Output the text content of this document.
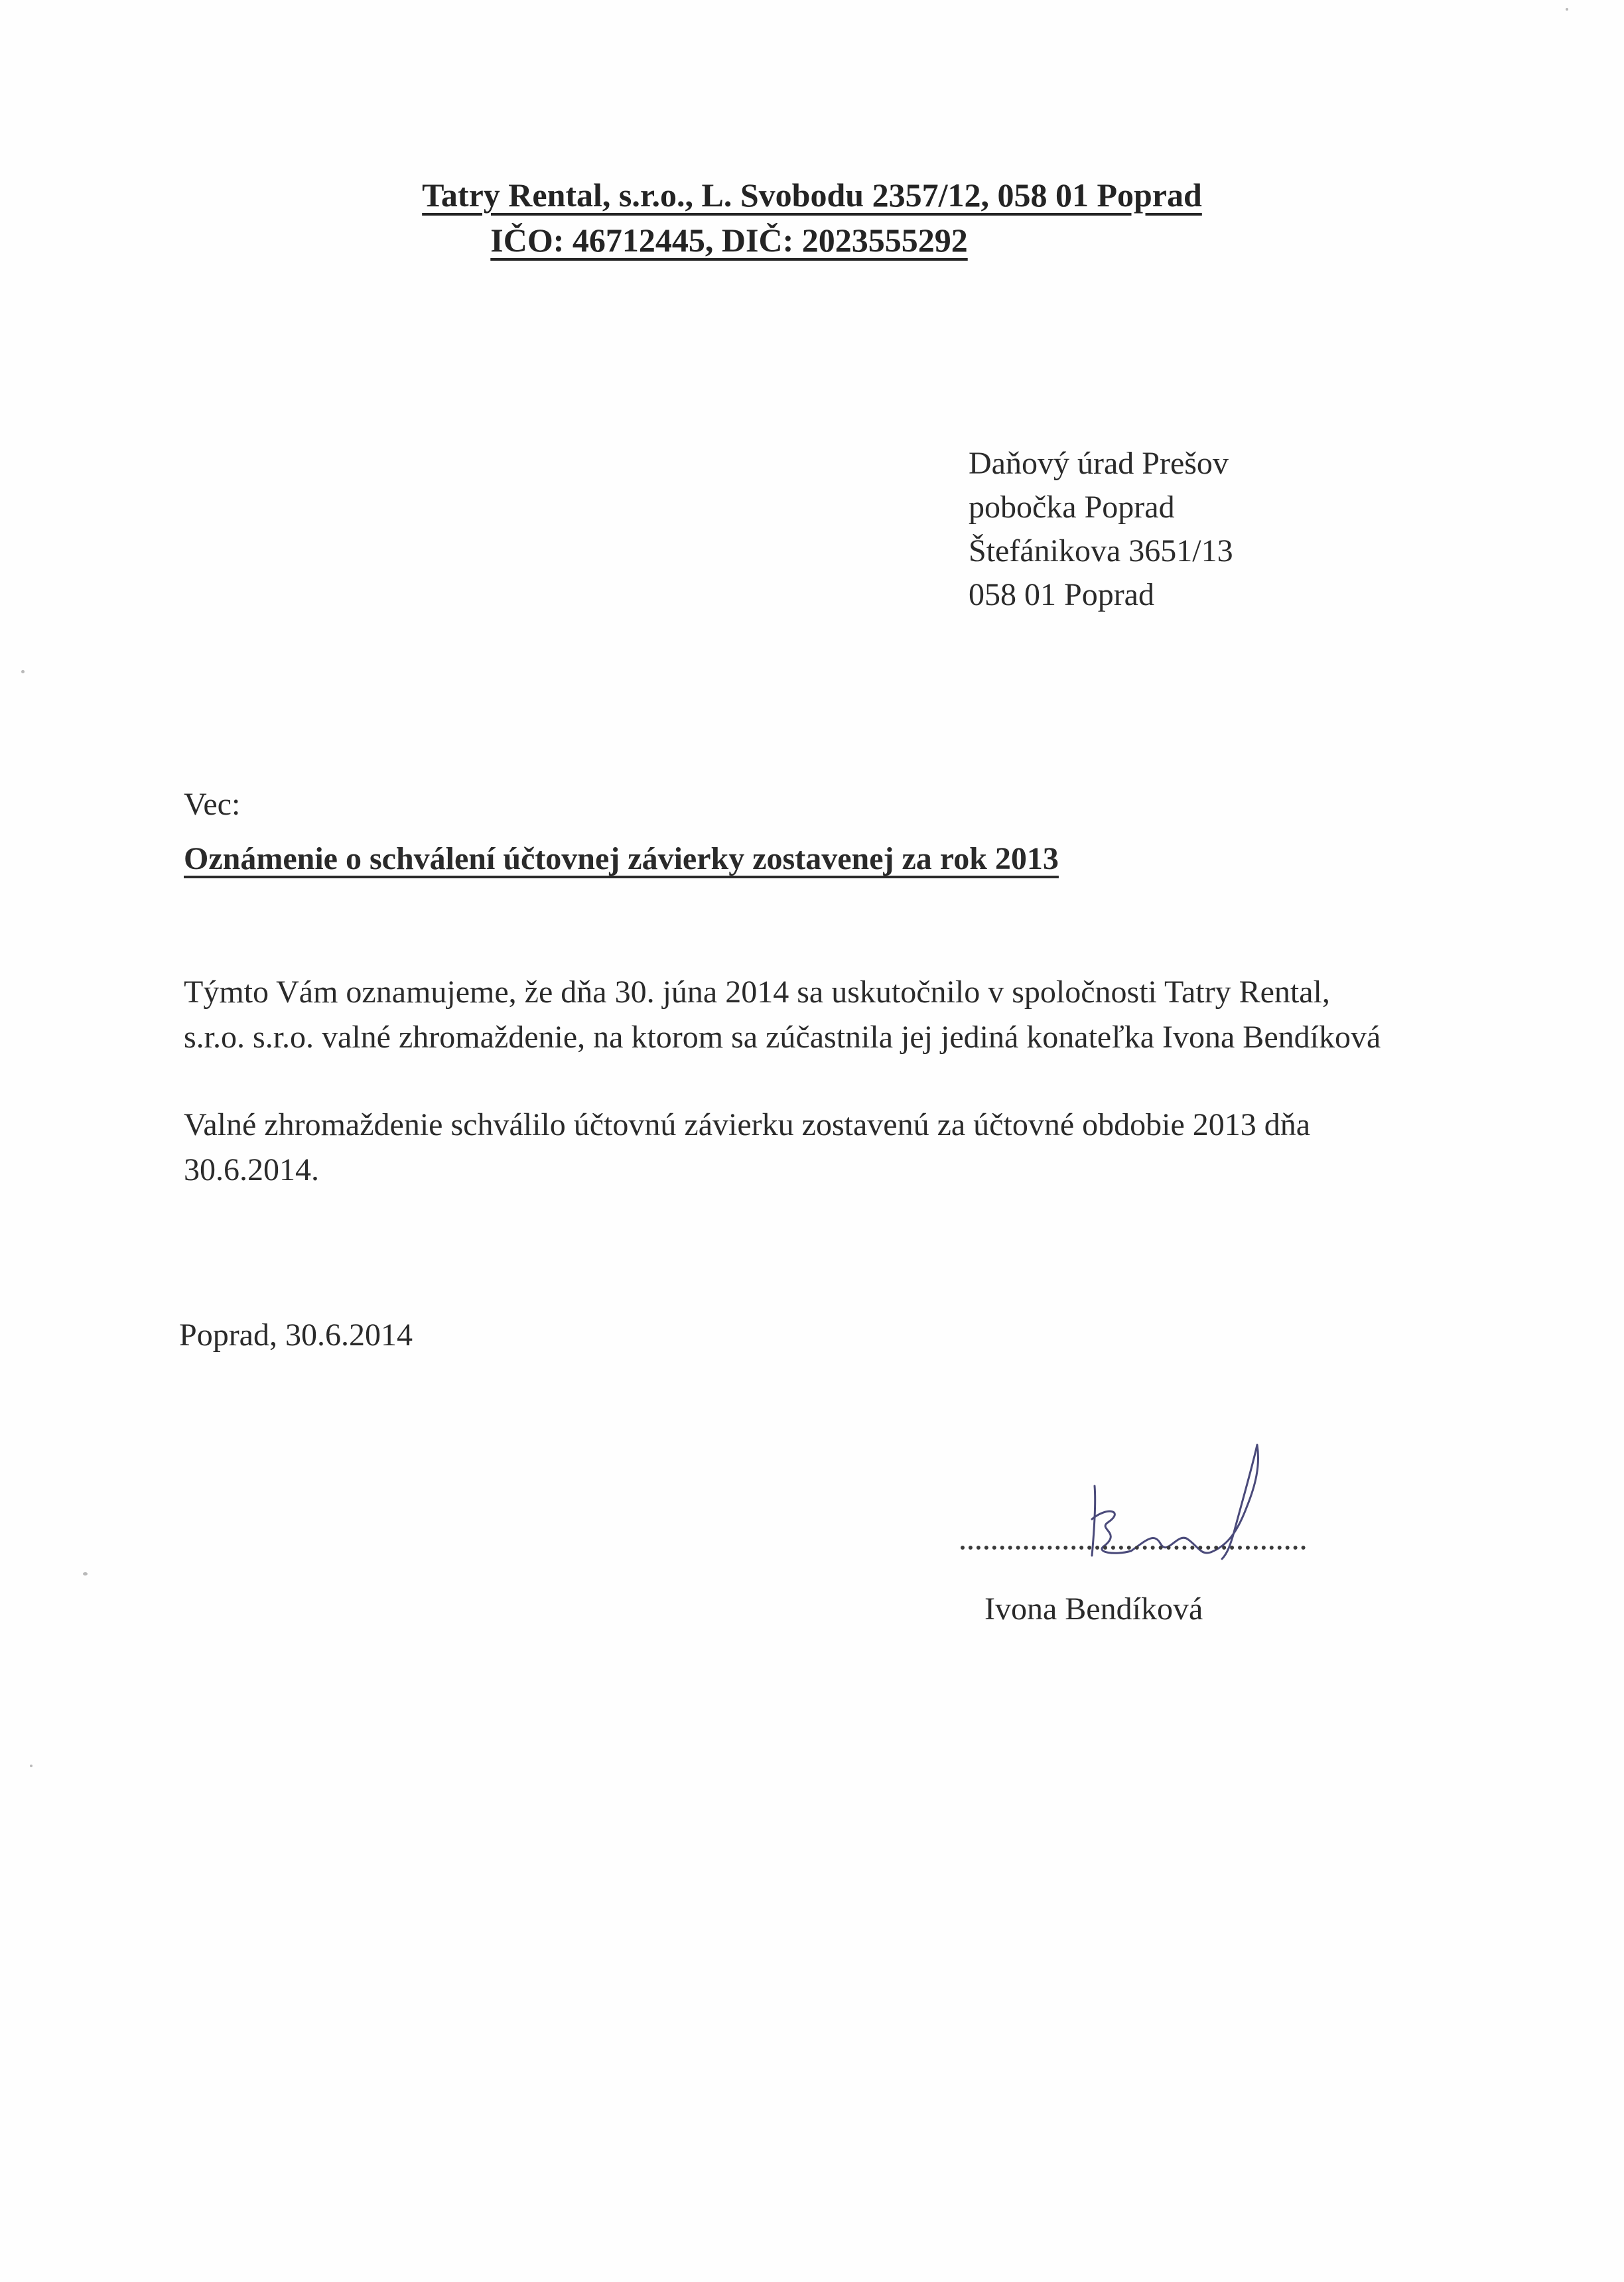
Tatry Rental, s.r.o., L. Svobodu 2357/12, 058 01 Poprad
IČO: 46712445, DIČ: 2023555292
Daňový úrad Prešov
pobočka Poprad
Štefánikova 3651/13
058 01 Poprad
Vec:
Oznámenie o schválení účtovnej závierky zostavenej za rok 2013
Týmto Vám oznamujeme, že dňa 30. júna 2014 sa uskutočnilo v spoločnosti Tatry Rental,
s.r.o. s.r.o. valné zhromaždenie, na ktorom sa zúčastnila jej jediná konateľka Ivona Bendíková
Valné zhromaždenie schválilo účtovnú závierku zostavenú za účtovné obdobie 2013 dňa
30.6.2014.
Poprad, 30.6.2014
Ivona Bendíková
